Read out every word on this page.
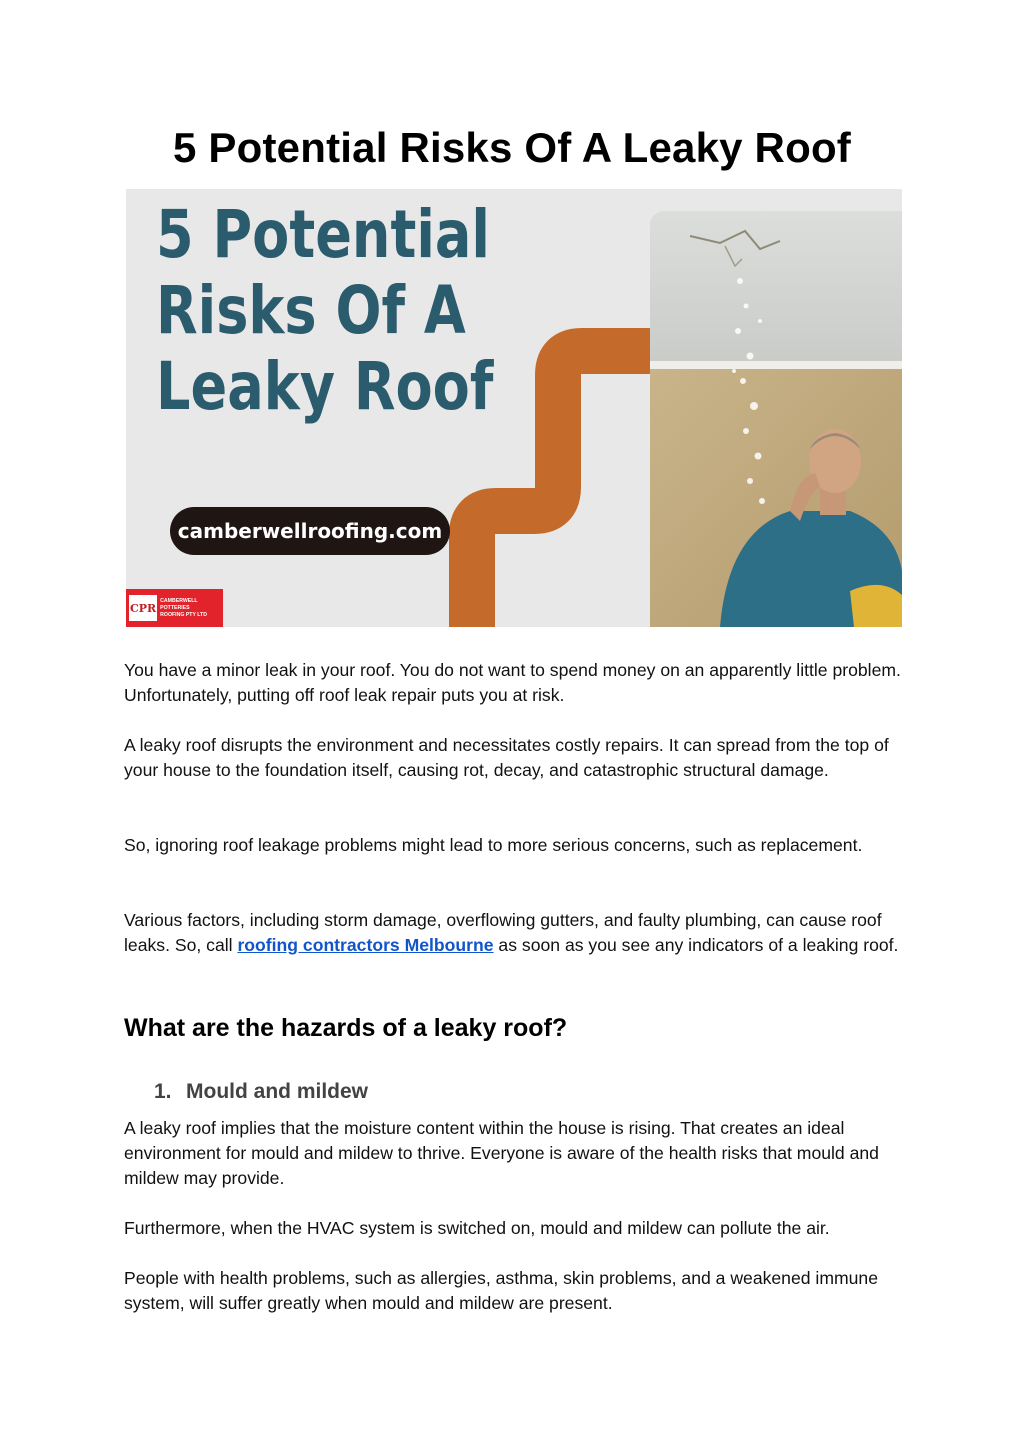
5 Potential Risks Of A Leaky Roof
5 Potential
Risks Of A
Leaky Roof
camberwellroofing.com
CPR
CAMBERWELL POTTERIES
ROOFING PTY LTD

You have a minor leak in your roof. You do not want to spend money on an apparently little problem. Unfortunately, putting off roof leak repair puts you at risk.

A leaky roof disrupts the environment and necessitates costly repairs. It can spread from the top of your house to the foundation itself, causing rot, decay, and catastrophic structural damage.

So, ignoring roof leakage problems might lead to more serious concerns, such as replacement.

Various factors, including storm damage, overflowing gutters, and faulty plumbing, can cause roof leaks. So, call roofing contractors Melbourne as soon as you see any indicators of a leaking roof.

What are the hazards of a leaky roof?
1. Mould and mildew

A leaky roof implies that the moisture content within the house is rising. That creates an ideal environment for mould and mildew to thrive. Everyone is aware of the health risks that mould and mildew may provide.

Furthermore, when the HVAC system is switched on, mould and mildew can pollute the air.

People with health problems, such as allergies, asthma, skin problems, and a weakened immune system, will suffer greatly when mould and mildew are present.
